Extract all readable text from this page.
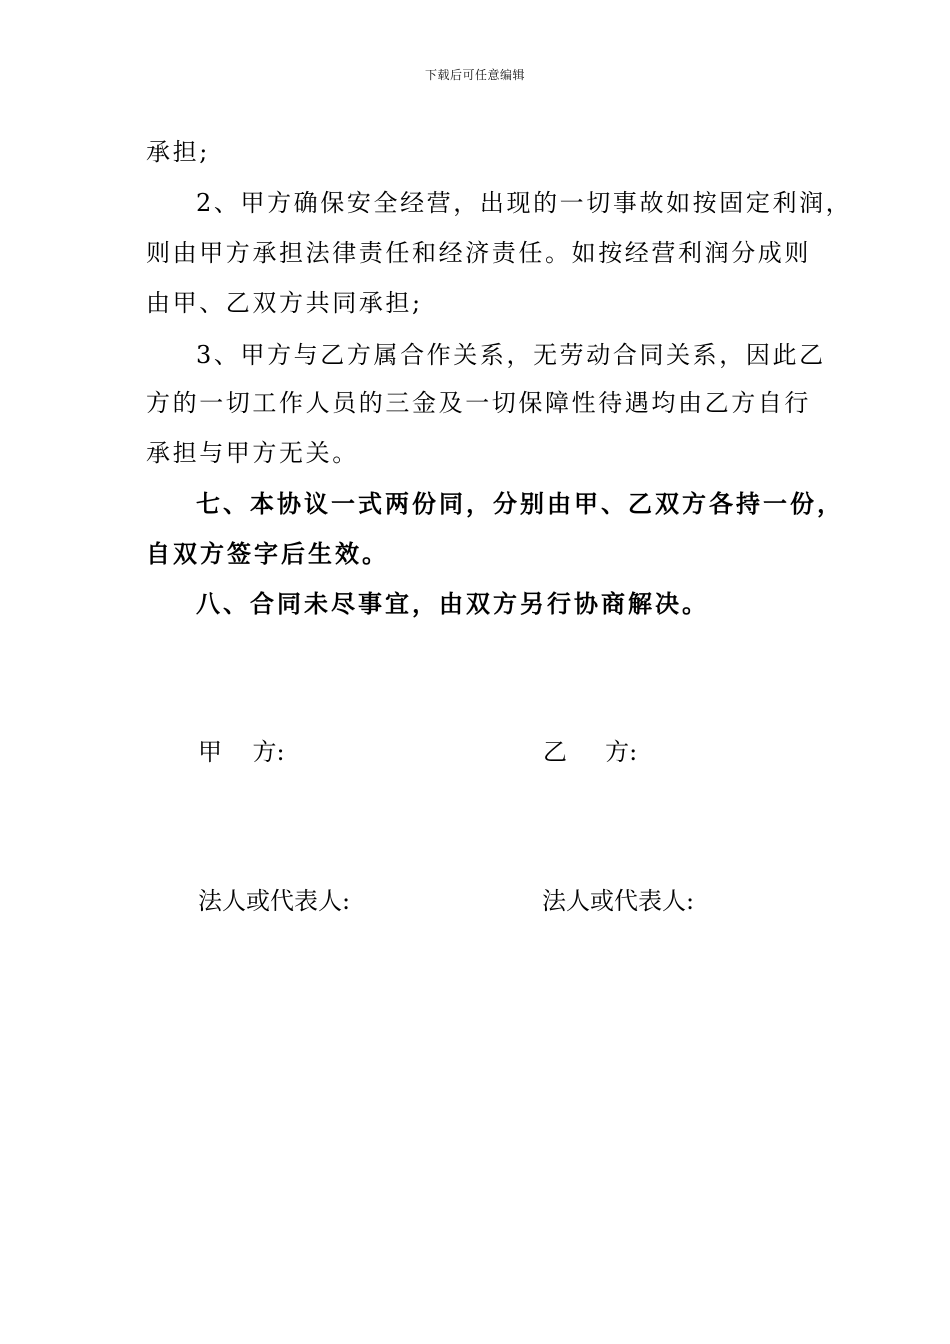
下载后可任意编辑
承担;
2、甲方确保安全经营，出现的一切事故如按固定利润，
则由甲方承担法律责任和经济责任。如按经营利润分成则
由甲、乙双方共同承担;
3、甲方与乙方属合作关系，无劳动合同关系，因此乙
方的一切工作人员的三金及一切保障性待遇均由乙方自行
承担与甲方无关。
七、本协议一式两份同，分别由甲、乙双方各持一份，
自双方签字后生效。
八、合同未尽事宜，由双方另行协商解决。
甲    方:	乙     方:
法人或代表人:	法人或代表人:
